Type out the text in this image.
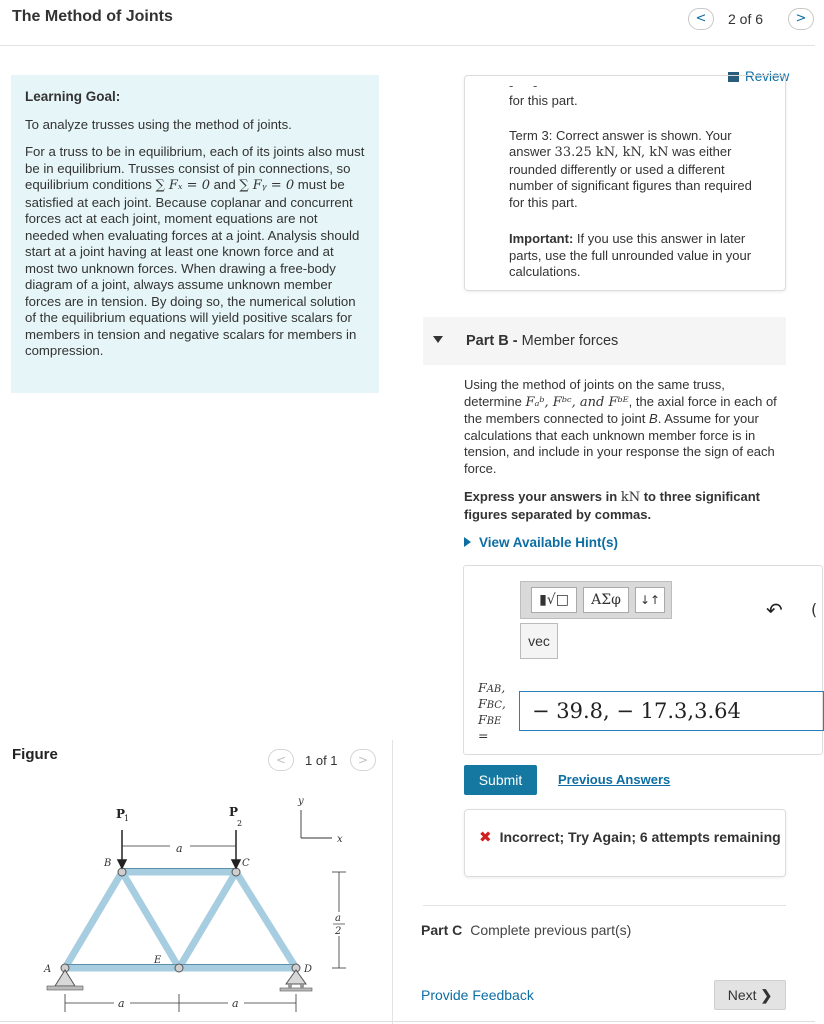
The Method of Joints	<	2 of 6	>
Learning Goal:
To analyze trusses using the method of joints.
For a truss to be in equilibrium, each of its joints also must be in equilibrium. Trusses consist of pin connections, so equilibrium conditions ∑ Fₓ = 0 and ∑ Fᵧ = 0 must be satisfied at each joint. Because coplanar and concurrent forces act at each joint, moment equations are not needed when evaluating forces at a joint. Analysis should start at a joint having at least one known force and at most two unknown forces. When drawing a free-body diagram of a joint, always assume unknown member forces are in tension. By doing so, the numerical solution of the equilibrium equations will yield positive scalars for members in tension and negative scalars for members in compression.
Figure	<	1 of 1	>
P
1	P
2
a
B	C
A
E
D
y
x
a
2
a	a
Review
- -
for this part.
Term 3: Correct answer is shown. Your answer 33.25 kN, kN, kN was either rounded differently or used a different number of significant figures than required for this part.
Important: If you use this answer in later parts, use the full unrounded value in your calculations.
Part B - Member forces
Using the method of joints on the same truss, determine Fₐᵇ, Fᵇᶜ, and Fᵇᴱ, the axial force in each of the members connected to joint B. Assume for your calculations that each unknown member force is in tension, and include in your response the sign of each force.
Express your answers in kN to three significant figures separated by commas.
View Available Hint(s)
▮√□	ΑΣφ	↓↑
vec
↶ (
FAB,
FBC,
FBE
=
− 39.8, − 17.3,3.64
Submit	Previous Answers
✖ Incorrect; Try Again; 6 attempts remaining
Part C Complete previous part(s)
Provide Feedback	Next ❯
